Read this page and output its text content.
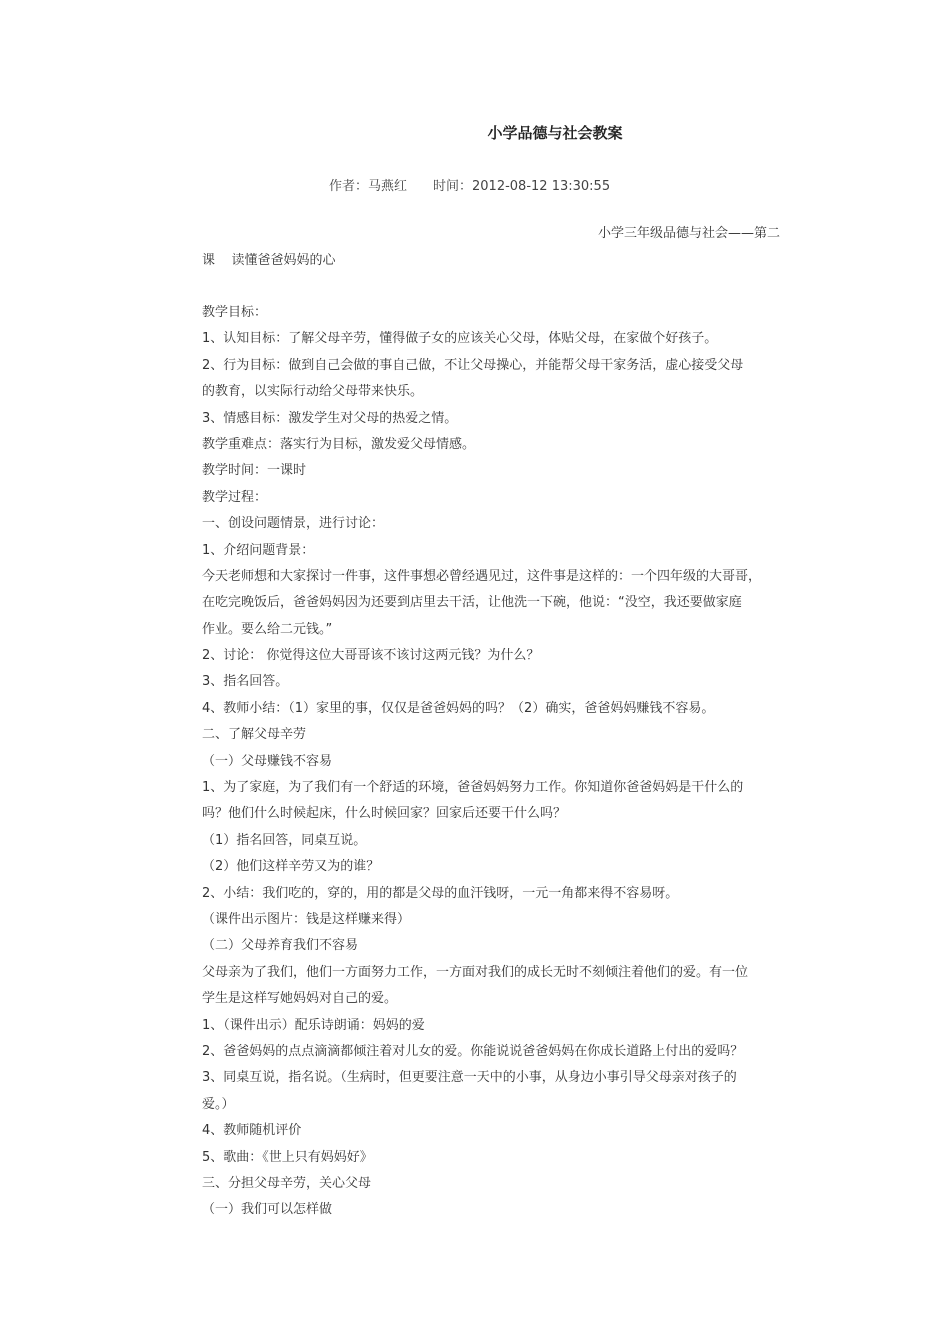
小学品德与社会教案
作者：马燕红 时间：2012-08-12 13:30:55
小学三年级品德与社会——第二
课    读懂爸爸妈妈的心
教学目标：
1、认知目标：了解父母辛劳，懂得做子女的应该关心父母，体贴父母，在家做个好孩子。
2、行为目标：做到自己会做的事自己做，不让父母操心，并能帮父母干家务活，虚心接受父母
的教育，以实际行动给父母带来快乐。
3、情感目标：激发学生对父母的热爱之情。
教学重难点：落实行为目标，激发爱父母情感。
教学时间：一课时
教学过程：
一、创设问题情景，进行讨论：
1、介绍问题背景：
今天老师想和大家探讨一件事，这件事想必曾经遇见过，这件事是这样的：一个四年级的大哥哥，
在吃完晚饭后，爸爸妈妈因为还要到店里去干活，让他洗一下碗，他说：“没空，我还要做家庭
作业。要么给二元钱。”
2、讨论： 你觉得这位大哥哥该不该讨这两元钱？为什么？
3、指名回答。
4、教师小结：（1）家里的事，仅仅是爸爸妈妈的吗？（2）确实，爸爸妈妈赚钱不容易。
二、了解父母辛劳
（一）父母赚钱不容易
1、为了家庭，为了我们有一个舒适的环境，爸爸妈妈努力工作。你知道你爸爸妈妈是干什么的
吗？他们什么时候起床，什么时候回家？回家后还要干什么吗？
（1）指名回答，同桌互说。
（2）他们这样辛劳又为的谁？
2、小结：我们吃的，穿的，用的都是父母的血汗钱呀，一元一角都来得不容易呀。
（课件出示图片：钱是这样赚来得）
（二）父母养育我们不容易
父母亲为了我们，他们一方面努力工作，一方面对我们的成长无时不刻倾注着他们的爱。有一位
学生是这样写她妈妈对自己的爱。
1、（课件出示）配乐诗朗诵：妈妈的爱
2、爸爸妈妈的点点滴滴都倾注着对儿女的爱。你能说说爸爸妈妈在你成长道路上付出的爱吗？
3、同桌互说，指名说。（生病时，但更要注意一天中的小事，从身边小事引导父母亲对孩子的
爱。）
4、教师随机评价
5、歌曲：《世上只有妈妈好》
三、分担父母辛劳，关心父母
（一）我们可以怎样做
